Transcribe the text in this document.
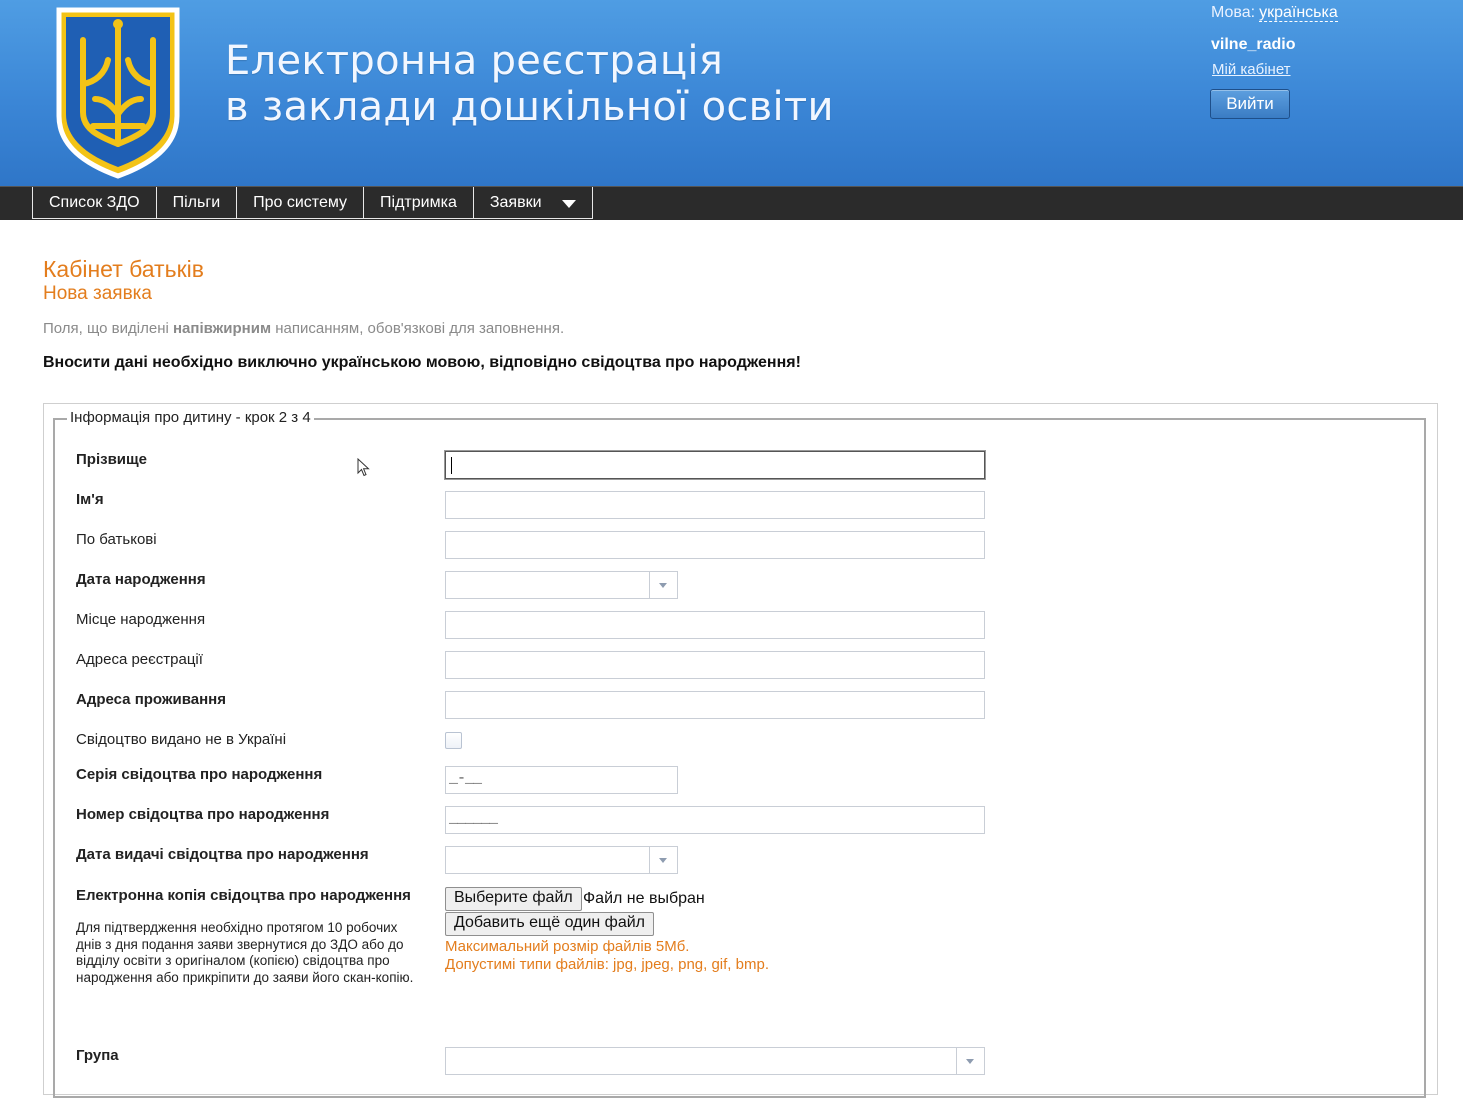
Електронна реєстрація
в заклади дошкільної освіти
Мова: українська
vilne_radio
Мій кабінет
Вийти
Список ЗДО Пільги Про систему Підтримка Заявки
Кабінет батьків
Нова заявка
Поля, що виділені напівжирним написанням, обов'язкові для заповнення.
Вносити дані необхідно виключно українською мовою, відповідно свідоцтва про народження!
Інформація про дитину - крок 2 з 4
Прізвище
Ім'я
По батькові
Дата народження
Місце народження
Адреса реєстрації
Адреса проживання
Свідоцтво видано не в Україні
Серія свідоцтва про народження	_-__
Номер свідоцтва про народження	______
Дата видачі свідоцтва про народження
Електронна копія свідоцтва про народження	Выберите файл Файл не выбран
Добавить ещё один файл
Максимальний розмір файлів 5Мб.
Допустимі типи файлів: jpg, jpeg, png, gif, bmp.
Для підтвердження необхідно протягом 10 робочих днів з дня подання заяви звернутися до ЗДО або до відділу освіти з оригіналом (копією) свідоцтва про народження або прикріпити до заяви його скан-копію.
Група
